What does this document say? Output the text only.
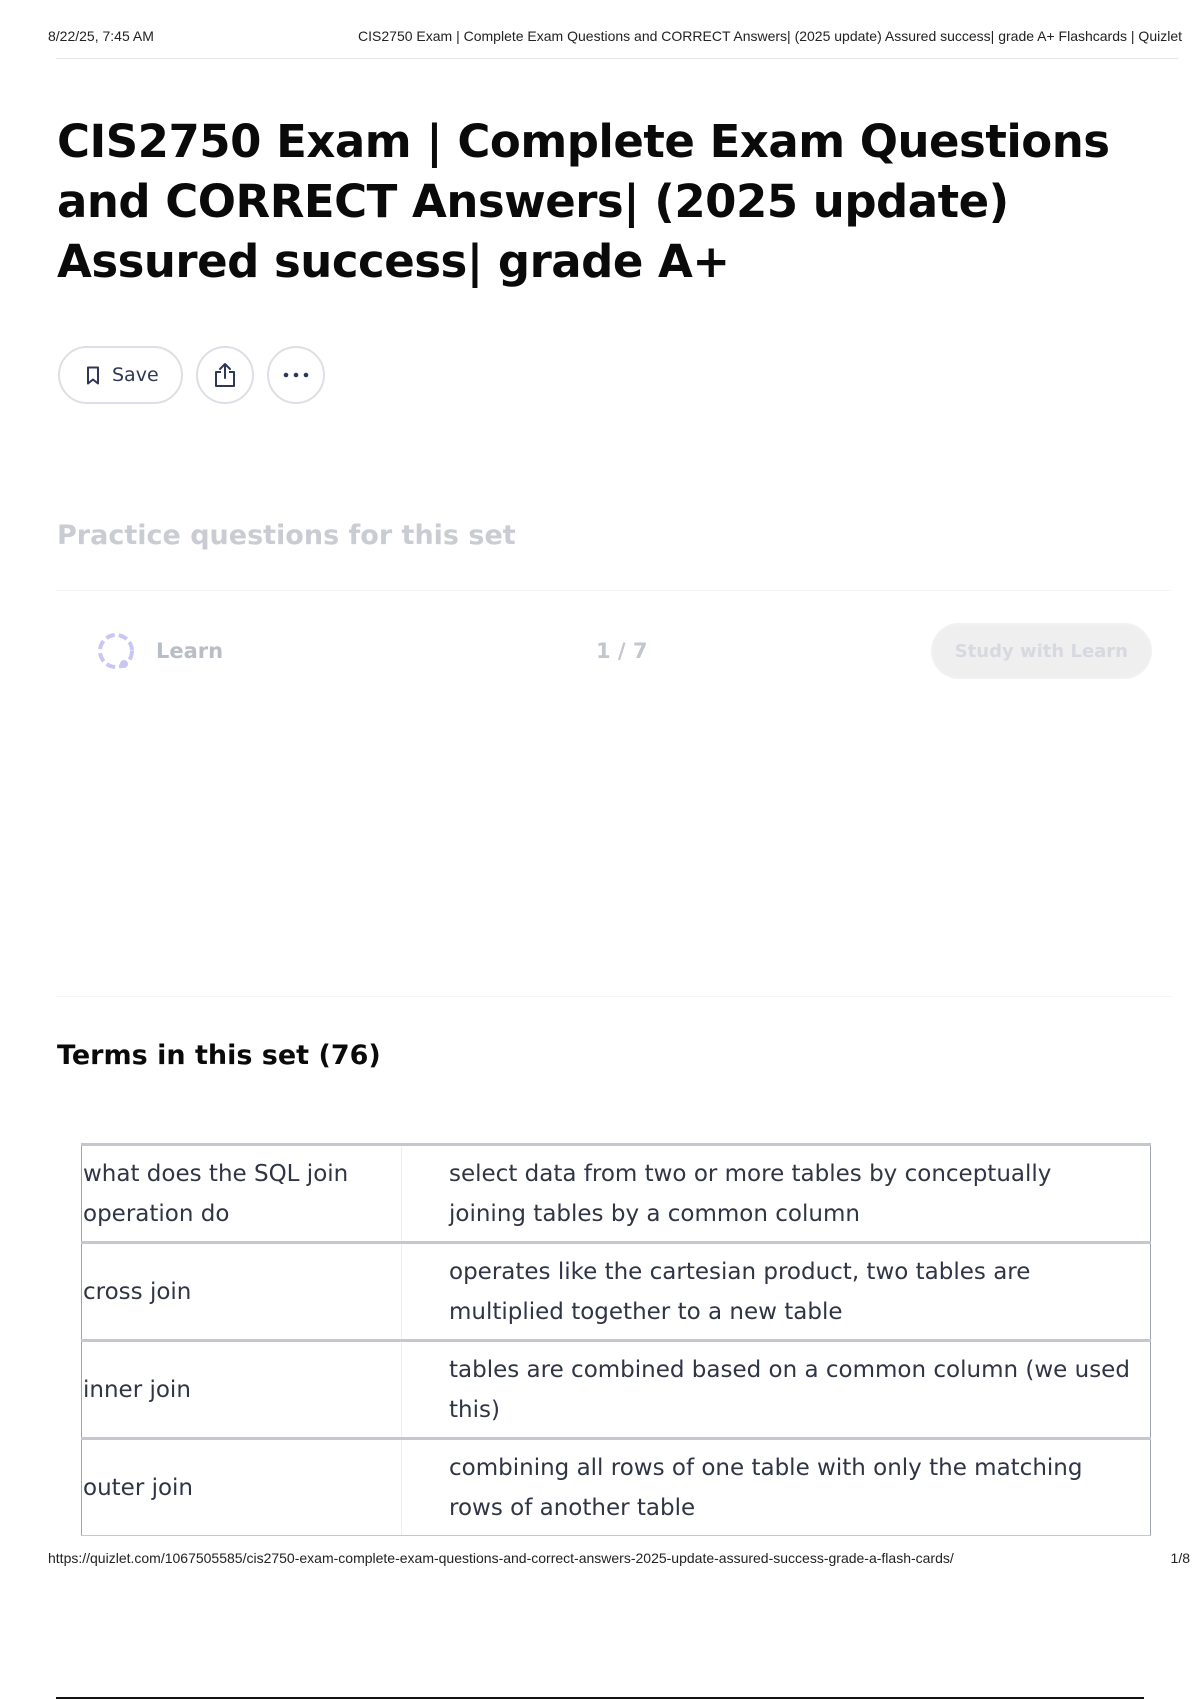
8/22/25, 7:45 AM	CIS2750 Exam | Complete Exam Questions and CORRECT Answers| (2025 update) Assured success| grade A+ Flashcards | Quizlet
CIS2750 Exam | Complete Exam Questions and CORRECT Answers| (2025 update) Assured success| grade A+
Save
Practice questions for this set
Learn	1 / 7	Study with Learn
Terms in this set (76)
what does the SQL join operation do	select data from two or more tables by conceptually joining tables by a common column
cross join	operates like the cartesian product, two tables are multiplied together to a new table
inner join	tables are combined based on a common column (we used this)
outer join	combining all rows of one table with only the matching rows of another table
https://quizlet.com/1067505585/cis2750-exam-complete-exam-questions-and-correct-answers-2025-update-assured-success-grade-a-flash-cards/	1/8
